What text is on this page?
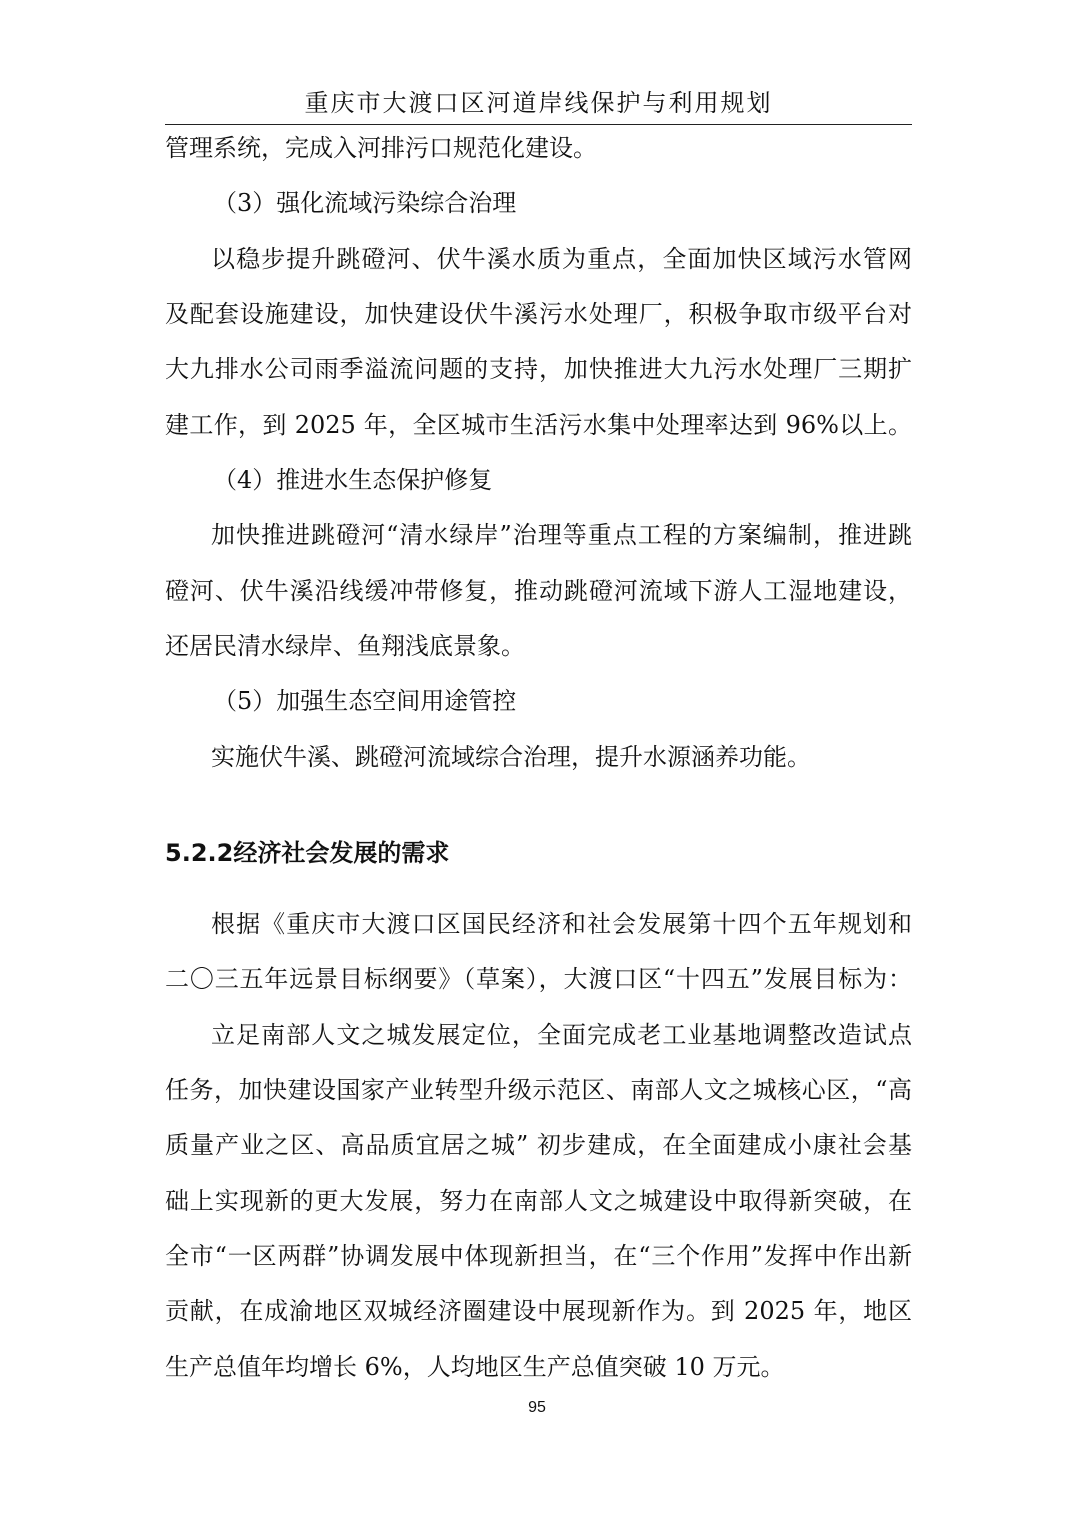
重庆市大渡口区河道岸线保护与利用规划
管理系统，完成入河排污口规范化建设。
（3）强化流域污染综合治理
以稳步提升跳磴河、伏牛溪水质为重点，全面加快区域污水管网
及配套设施建设，加快建设伏牛溪污水处理厂，积极争取市级平台对
大九排水公司雨季溢流问题的支持，加快推进大九污水处理厂三期扩
建工作，到 2025 年，全区城市生活污水集中处理率达到 96%以上。
（4）推进水生态保护修复
加快推进跳磴河“清水绿岸”治理等重点工程的方案编制，推进跳
磴河、伏牛溪沿线缓冲带修复，推动跳磴河流域下游人工湿地建设，
还居民清水绿岸、鱼翔浅底景象。
（5）加强生态空间用途管控
实施伏牛溪、跳磴河流域综合治理，提升水源涵养功能。
5.2.2经济社会发展的需求
根据《重庆市大渡口区国民经济和社会发展第十四个五年规划和
二〇三五年远景目标纲要》（草案），大渡口区“十四五”发展目标为：
立足南部人文之城发展定位，全面完成老工业基地调整改造试点
任务，加快建设国家产业转型升级示范区、南部人文之城核心区，“高
质量产业之区、高品质宜居之城” 初步建成，在全面建成小康社会基
础上实现新的更大发展，努力在南部人文之城建设中取得新突破，在
全市“一区两群”协调发展中体现新担当，在“三个作用”发挥中作出新
贡献，在成渝地区双城经济圈建设中展现新作为。到 2025 年，地区
生产总值年均增长 6%，人均地区生产总值突破 10 万元。
95
